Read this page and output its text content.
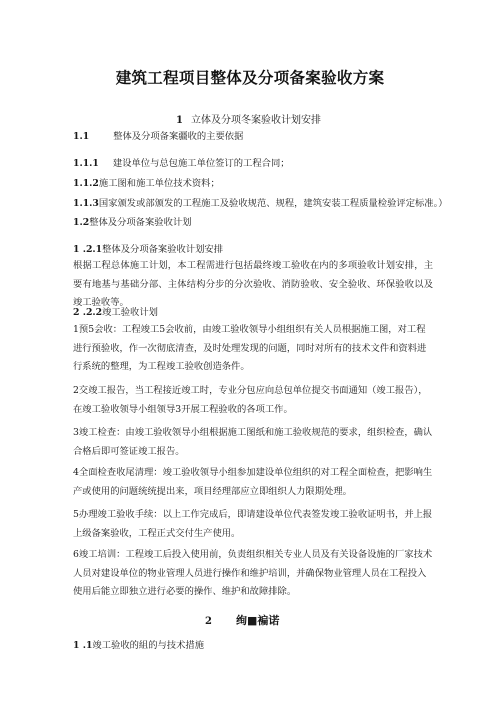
建筑工程项目整体及分项备案验收方案
1 立体及分项冬案验收计划安排
1.1	整体及分项备案疆收的主要依据
1.1.1 建设单位与总包施工单位签订的工程合同；
1.1.2施工图和施工单位技术资料；
1.1.3国家颁发或部颁发的工程施工及验收规范、规程，建筑安装工程质量检验评定标准。）
1.2整体及分项备案验收计划
1 .2.1整体及分项备案验收计划安排
根据工程总体施工计划，本工程需进行包括最终竣工验收在内的多项验收计划安排，主要有地基与基础分部、主体结构分步的分次验收、消防验收、安全验收、环保验收以及竣工验收等。
2 .2.2竣工验收计划
1预5会收：工程竣工5会收前，由竣工验收领导小组组织有关人员根据施工图，对工程进行预验收，作一次彻底清查，及时处理发现的问题，同时对所有的技术文件和资料进行系统的整理，为工程竣工验收创造条件。
2交竣工报告，当工程接近竣工时，专业分包应向总包单位提交书面通知（竣工报告），在竣工验收领导小组领导3开展工程验收的各项工作。
3竣工检查：由竣工验收领导小组根据施工图纸和施工验收规范的要求，组织检查，确认合格后即可签证竣工报告。
4全面检查收尾清理：竣工验收领导小组参加建设单位组织的对工程全面检查，把影响生产或使用的问题统统提出来，项目经理部应立即组织人力限期处理。
5办理竣工验收手续：以上工作完成后，即请建设单位代表签发竣工验收证明书，并上报上级备案验收，工程正式交付生产使用。
6竣工培训：工程竣工后投入使用前，负责组织相关专业人员及有关设备设施的厂家技术人员对建设单位的物业管理人员进行操作和维护培训，并确保物业管理人员在工程投入使用后能立即独立进行必要的操作、维护和故障排除。
2 绚■褊诺
1 .1竣工验收的組的与技术措施
